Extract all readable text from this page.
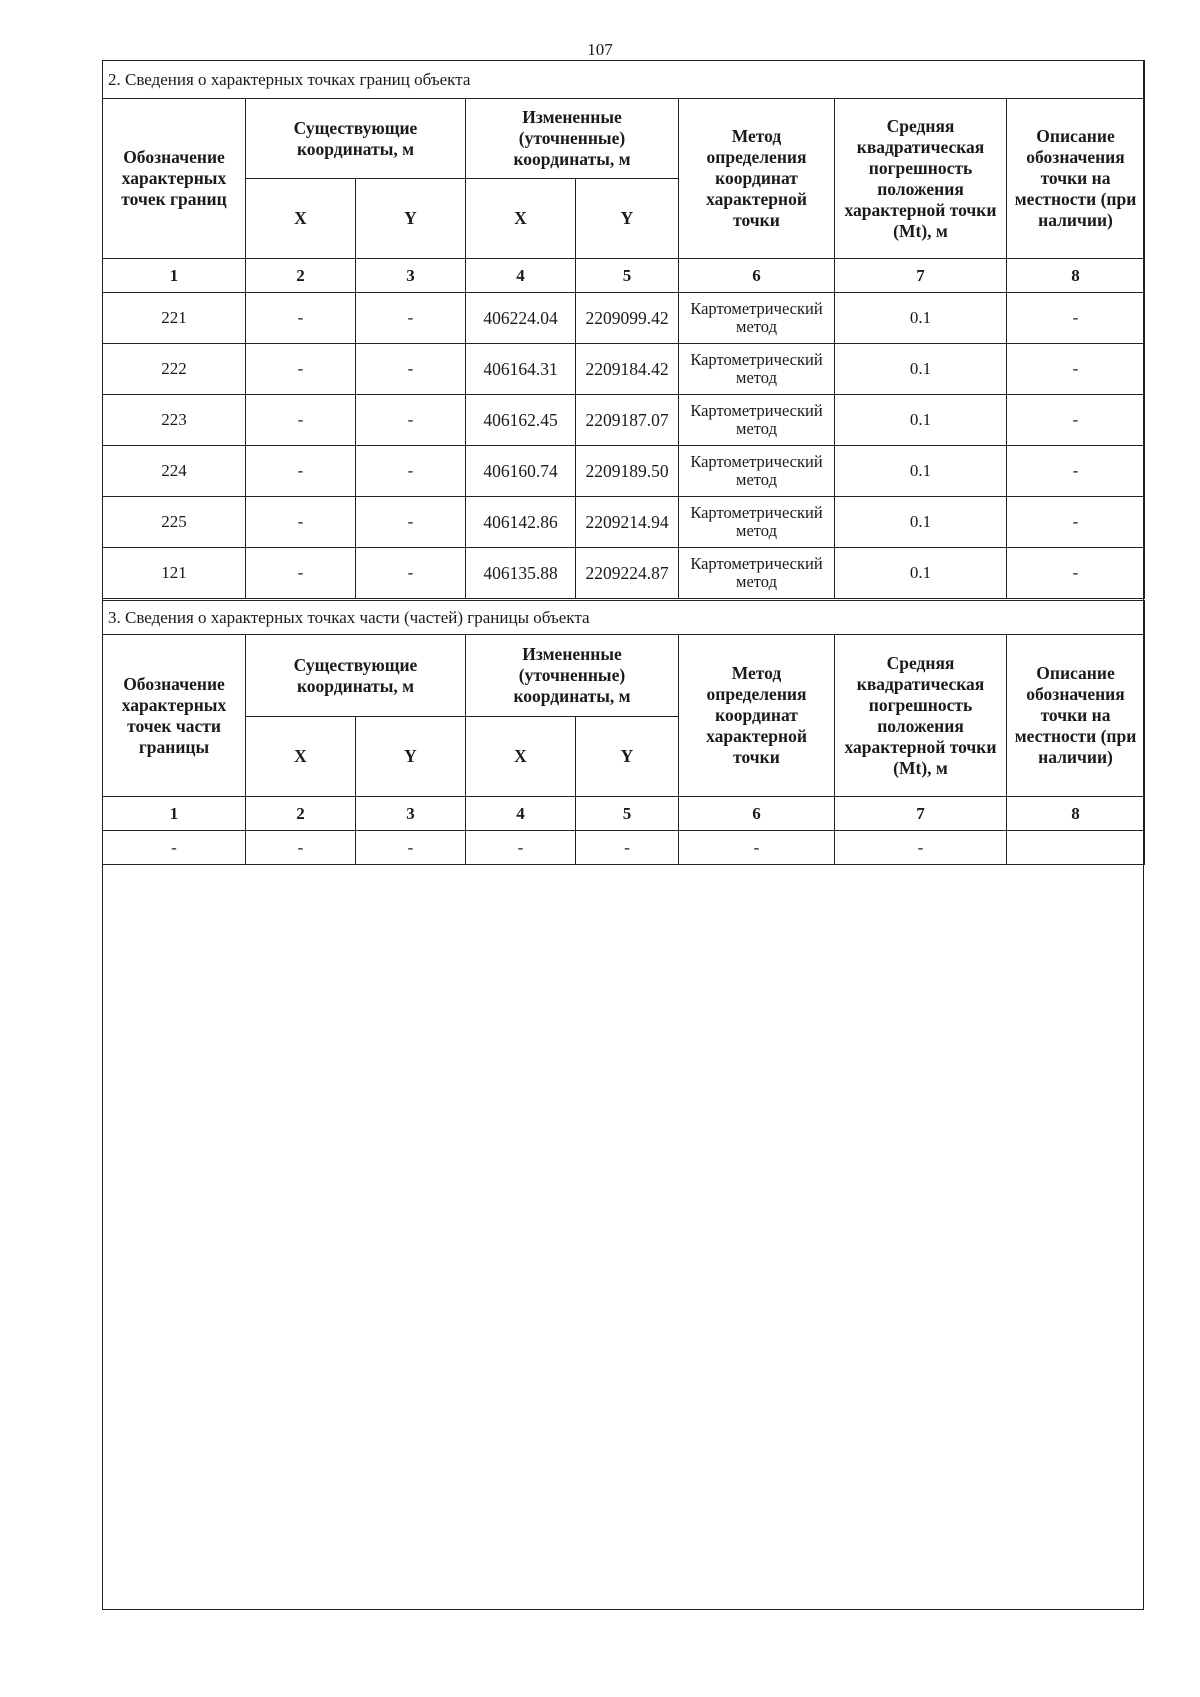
107
2. Сведения о характерных точках границ объекта							
Обозначение характерных точек границ	Существующие координаты, м		Измененные (уточненные) координаты, м		Метод определения координат характерной точки	Средняя квадратическая погрешность положения характерной точки (Mt), м	Описание обозначения точки на местности (при наличии)
	X	Y	X	Y			
1	2	3	4	5	6	7	8
221	-	-	406224.04	2209099.42	Картометрический метод	0.1	-
222	-	-	406164.31	2209184.42	Картометрический метод	0.1	-
223	-	-	406162.45	2209187.07	Картометрический метод	0.1	-
224	-	-	406160.74	2209189.50	Картометрический метод	0.1	-
225	-	-	406142.86	2209214.94	Картометрический метод	0.1	-
121	-	-	406135.88	2209224.87	Картометрический метод	0.1	-
3. Сведения о характерных точках части (частей) границы объекта							
Обозначение характерных точек части границы	Существующие координаты, м		Измененные (уточненные) координаты, м		Метод определения координат характерной точки	Средняя квадратическая погрешность положения характерной точки (Mt), м	Описание обозначения точки на местности (при наличии)
	X	Y	X	Y			
1	2	3	4	5	6	7	8
-	-	-	-	-	-	-	
